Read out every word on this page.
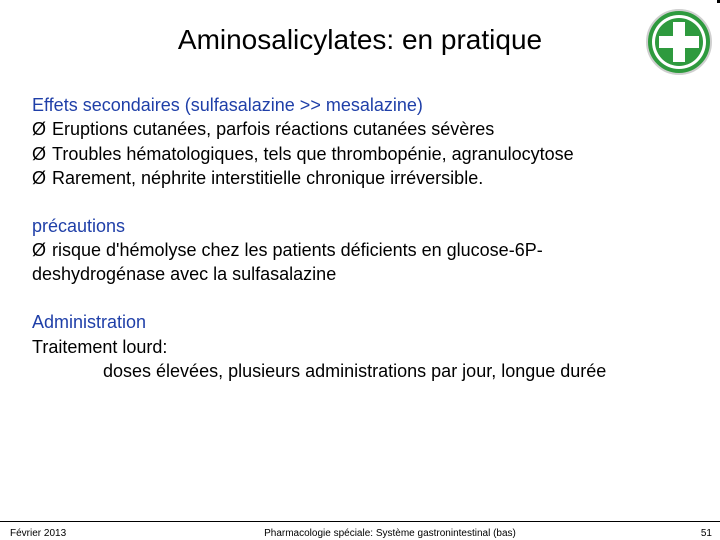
Aminosalicylates: en pratique
Effets secondaires (sulfasalazine >> mesalazine)
Ø Eruptions cutanées, parfois réactions cutanées sévères
Ø Troubles hématologiques, tels que thrombopénie, agranulocytose
Ø Rarement, néphrite interstitielle chronique irréversible.
précautions
Ø risque d'hémolyse chez les patients déficients en glucose-6P-
deshydrogénase avec la sulfasalazine
Administration
Traitement lourd:
doses élevées, plusieurs administrations par jour, longue durée
Février 2013	Pharmacologie spéciale: Système gastronintestinal (bas)	51
